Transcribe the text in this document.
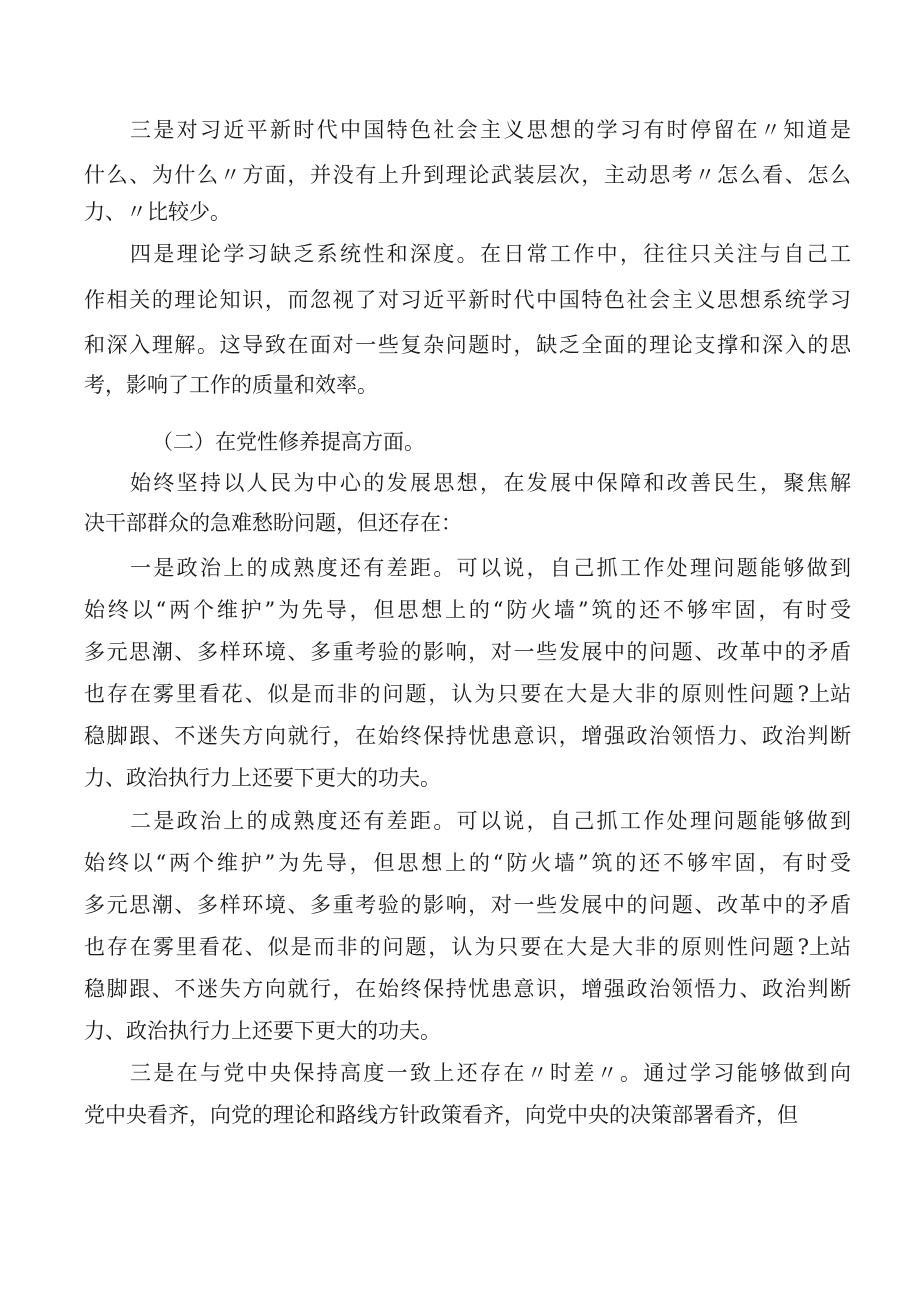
三是对习近平新时代中国特色社会主义思想的学习有时停留在〃知道是
什么、为什么〃方面，并没有上升到理论武装层次，主动思考〃怎么看、怎么
力、〃比较少。
四是理论学习缺乏系统性和深度。在日常工作中，往往只关注与自己工
作相关的理论知识，而忽视了对习近平新时代中国特色社会主义思想系统学习
和深入理解。这导致在面对一些复杂问题时，缺乏全面的理论支撑和深入的思
考，影响了工作的质量和效率。
（二）在党性修养提高方面。
始终坚持以人民为中心的发展思想，在发展中保障和改善民生，聚焦解
决干部群众的急难愁盼问题，但还存在：
一是政治上的成熟度还有差距。可以说，自己抓工作处理问题能够做到
始终以“两个维护”为先导，但思想上的“防火墙”筑的还不够牢固，有时受
多元思潮、多样环境、多重考验的影响，对一些发展中的问题、改革中的矛盾
也存在雾里看花、似是而非的问题，认为只要在大是大非的原则性问题 ?上站
稳脚跟、不迷失方向就行，在始终保持忧患意识，增强政治领悟力、政治判断
力、政治执行力上还要下更大的功夫。
二是政治上的成熟度还有差距。可以说，自己抓工作处理问题能够做到
始终以“两个维护”为先导，但思想上的“防火墙”筑的还不够牢固，有时受
多元思潮、多样环境、多重考验的影响，对一些发展中的问题、改革中的矛盾
也存在雾里看花、似是而非的问题，认为只要在大是大非的原则性问题 ?上站
稳脚跟、不迷失方向就行，在始终保持忧患意识，增强政治领悟力、政治判断
力、政治执行力上还要下更大的功夫。
三是在与党中央保持高度一致上还存在〃时差〃。通过学习能够做到向
党中央看齐，向党的理论和路线方针政策看齐，向党中央的决策部署看齐，但
